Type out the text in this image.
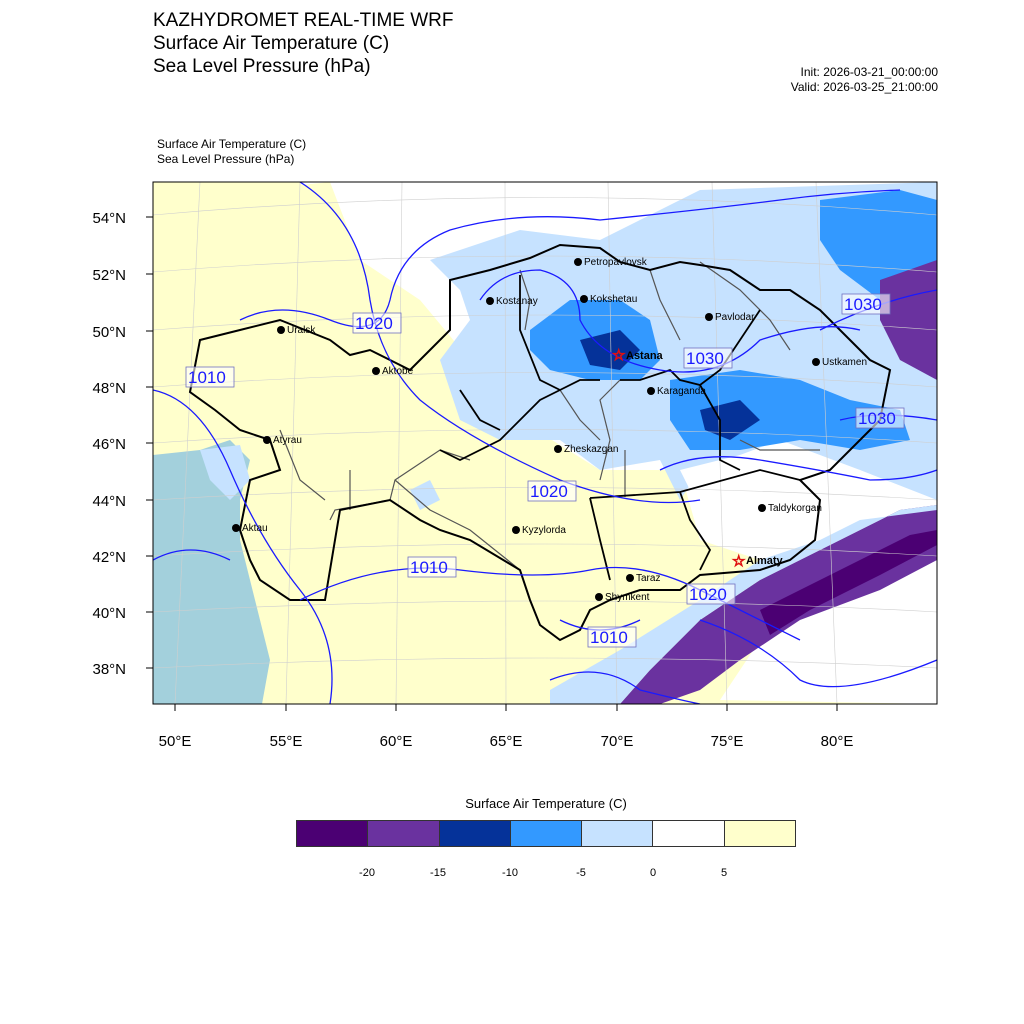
KAZHYDROMET REAL-TIME WRF
Surface Air Temperature (C)
Sea Level Pressure (hPa)	Init: 2026-03-21_00:00:00
Valid: 2026-03-25_21:00:00
Surface Air Temperature (C)
Sea Level Pressure (hPa)
1010
1020
1030
1030
1030
1020
1010
1020
1010
Petropavlovsk
Kostanay	Kokshetau
Pavlodar
Uralsk
☆ Astana
Aktobe
Ustkamen
Karaganda
Atyrau
Zheskazgan
Taldykorgan
Aktau	Kyzylorda
☆ Almaty
Taraz
Shymkent
54°N
52°N
50°N
48°N
46°N
44°N
42°N
40°N
38°N
50°E	55°E	60°E	65°E	70°E	75°E	80°E
Surface Air Temperature (C)
-20	-15	-10	-5	0	5
